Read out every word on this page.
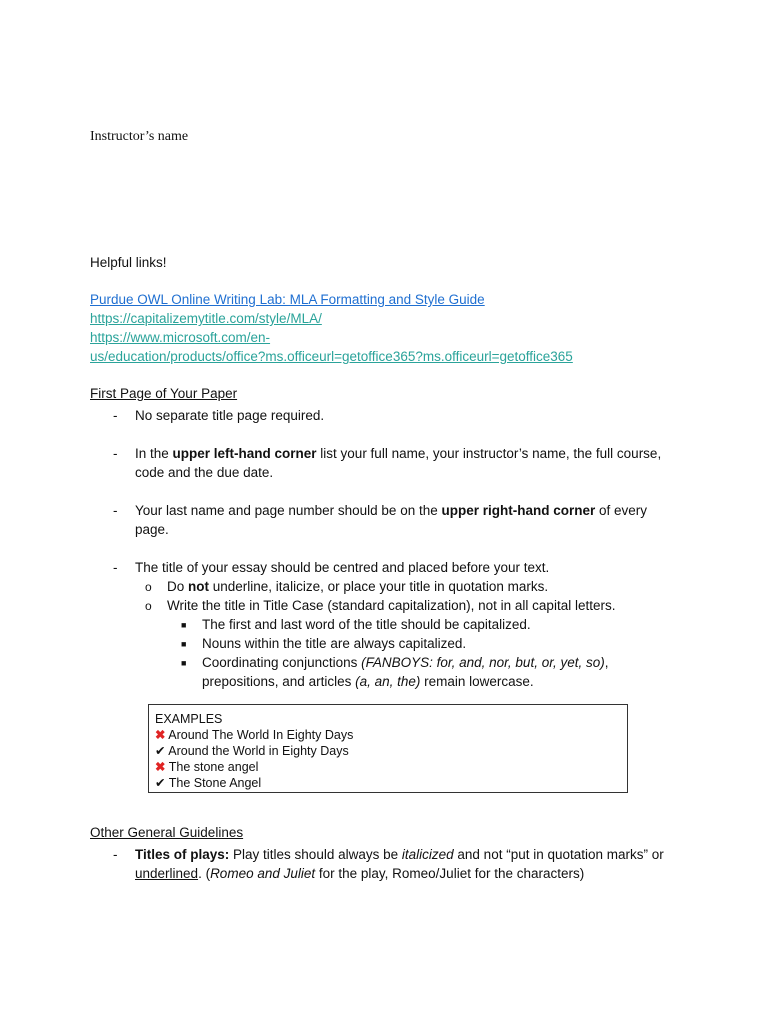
Instructor’s name
Helpful links!
Purdue OWL Online Writing Lab: MLA Formatting and Style Guide
https://capitalizemytitle.com/style/MLA/
https://www.microsoft.com/en-
us/education/products/office?ms.officeurl=getoffice365?ms.officeurl=getoffice365
First Page of Your Paper
- No separate title page required.
- In the upper left-hand corner list your full name, your instructor’s name, the full course,
code and the due date.
- Your last name and page number should be on the upper right-hand corner of every
page.
- The title of your essay should be centred and placed before your text.
o Do not underline, italicize, or place your title in quotation marks.
o Write the title in Title Case (standard capitalization), not in all capital letters.
■ The first and last word of the title should be capitalized.
■ Nouns within the title are always capitalized.
■ Coordinating conjunctions (FANBOYS: for, and, nor, but, or, yet, so),
prepositions, and articles (a, an, the) remain lowercase.
EXAMPLES
✖ Around The World In Eighty Days
✔ Around the World in Eighty Days
✖ The stone angel
✔ The Stone Angel
Other General Guidelines
- Titles of plays: Play titles should always be italicized and not “put in quotation marks” or
underlined. (Romeo and Juliet for the play, Romeo/Juliet for the characters)
